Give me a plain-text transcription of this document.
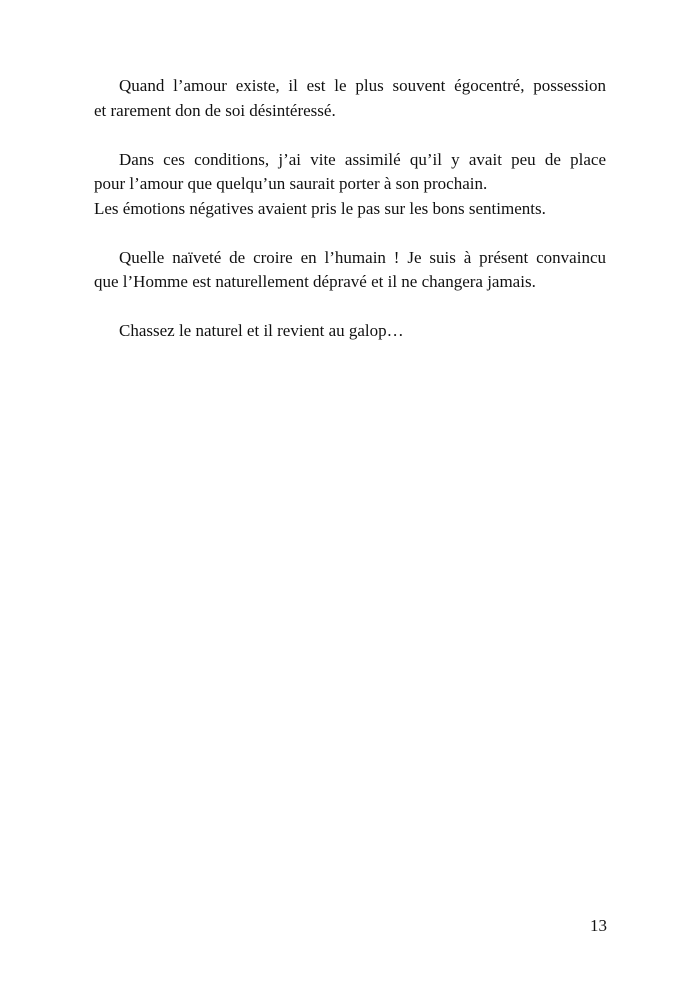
Quand l’amour existe, il est le plus souvent égocentré, possession
et rarement don de soi désintéressé.

Dans ces conditions, j’ai vite assimilé qu’il y avait peu de place
pour l’amour que quelqu’un saurait porter à son prochain.
Les émotions négatives avaient pris le pas sur les bons sentiments.

Quelle naïveté de croire en l’humain ! Je suis à présent convaincu
que l’Homme est naturellement dépravé et il ne changera jamais.

Chassez le naturel et il revient au galop…

13
